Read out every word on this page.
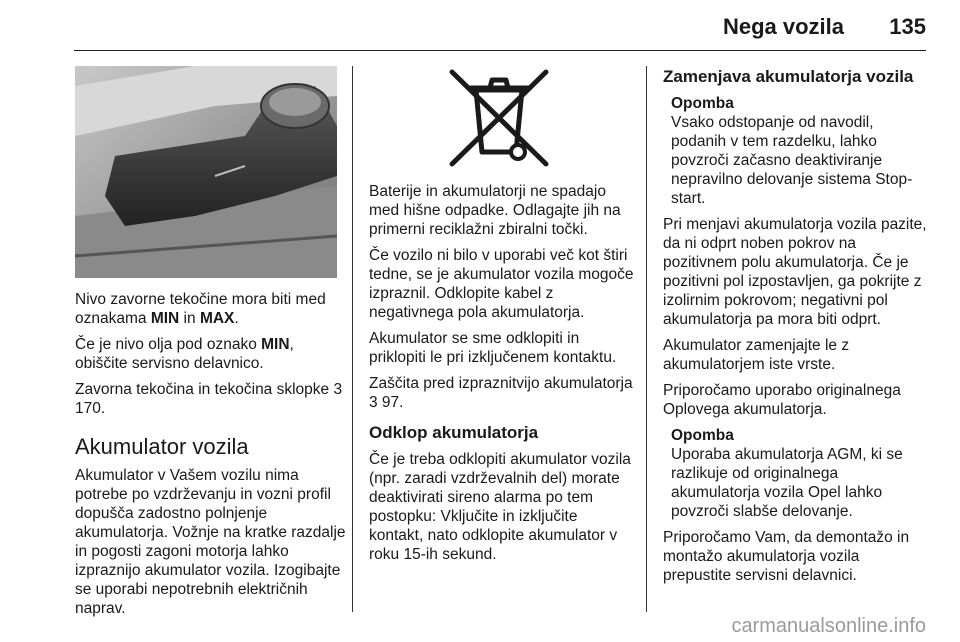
Nega vozila 135

Nivo zavorne tekočine mora biti med oznakama MIN in MAX.

Če je nivo olja pod oznako MIN, obiščite servisno delavnico.

Zavorna tekočina in tekočina sklopke 3 170.

Akumulator vozila

Akumulator v Vašem vozilu nima potrebe po vzdrževanju in vozni profil dopušča zadostno polnjenje akumulatorja. Vožnje na kratke razdalje in pogosti zagoni motorja lahko izpraznijo akumulator vozila. Izogibajte se uporabi nepotrebnih električnih naprav.

Baterije in akumulatorji ne spadajo med hišne odpadke. Odlagajte jih na primerni reciklažni zbiralni točki.

Če vozilo ni bilo v uporabi več kot štiri tedne, se je akumulator vozila mogoče izpraznil. Odklopite kabel z negativnega pola akumulatorja.

Akumulator se sme odklopiti in priklopiti le pri izključenem kontaktu.

Zaščita pred izpraznitvijo akumulatorja 3 97.

Odklop akumulatorja

Če je treba odklopiti akumulator vozila (npr. zaradi vzdrževalnih del) morate deaktivirati sireno alarma po tem postopku: Vključite in izključite kontakt, nato odklopite akumulator v roku 15-ih sekund.

Zamenjava akumulatorja vozila
Opomba
Vsako odstopanje od navodil, podanih v tem razdelku, lahko povzroči začasno deaktiviranje nepravilno delovanje sistema Stop-start.

Pri menjavi akumulatorja vozila pazite, da ni odprt noben pokrov na pozitivnem polu akumulatorja. Če je pozitivni pol izpostavljen, ga pokrijte z izolirnim pokrovom; negativni pol akumulatorja pa mora biti odprt.

Akumulator zamenjajte le z akumulatorjem iste vrste.

Priporočamo uporabo originalnega Oplovega akumulatorja.

Opomba
Uporaba akumulatorja AGM, ki se razlikuje od originalnega akumulatorja vozila Opel lahko povzroči slabše delovanje.

Priporočamo Vam, da demontažo in montažo akumulatorja vozila prepustite servisni delavnici.

carmanualsonline.info
